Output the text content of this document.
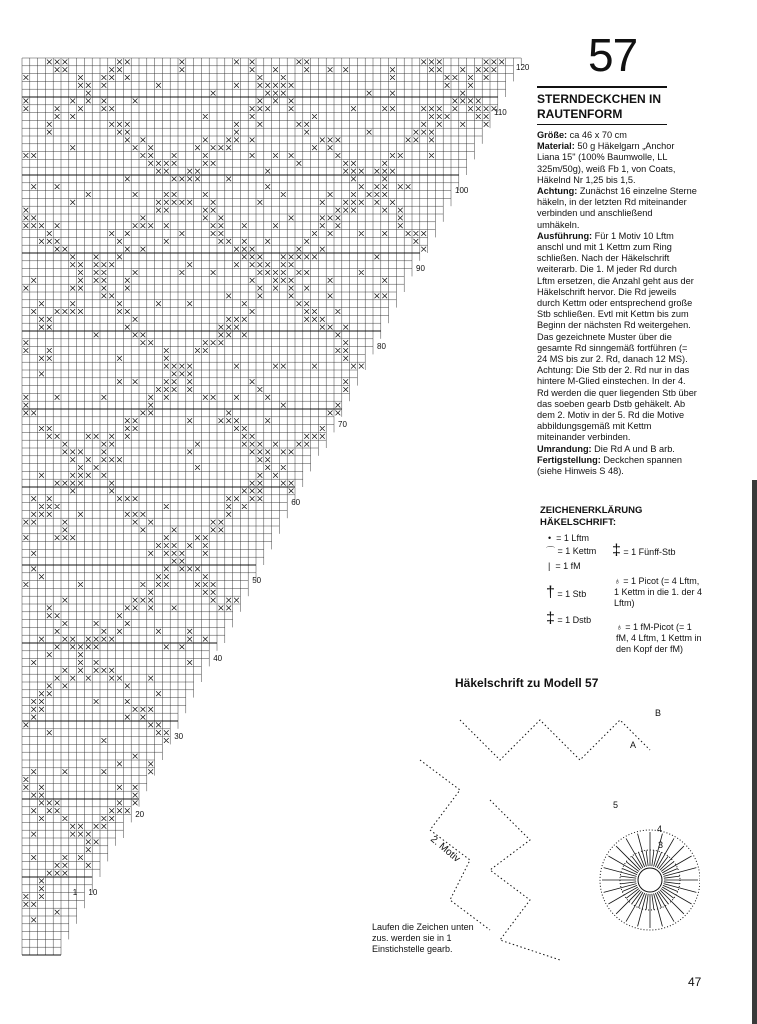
120
110
100
90
80
70
60
50
40
30
20
10
1
57
STERNDECKCHEN IN RAUTENFORM

Größe: ca 46 x 70 cm

Material: 50 g Häkelgarn „Anchor Liana 15" (100% Baumwolle, LL 325m/50g), weiß Fb 1, von Coats, Häkelnd Nr 1,25 bis 1,5.

Achtung: Zunächst 16 einzelne Sterne häkeln, in der letzten Rd miteinander verbinden und anschließend umhäkeln.

Ausführung: Für 1 Motiv 10 Lftm anschl und mit 1 Kettm zum Ring schließen. Nach der Häkelschrift weiterarb. Die 1. M jeder Rd durch Lftm ersetzen, die Anzahl geht aus der Häkelschrift hervor. Die Rd jeweils durch Kettm oder entsprechend große Stb schließen. Evtl mit Kettm bis zum Beginn der nächsten Rd weitergehen. Das gezeichnete Muster über die gesamte Rd sinngemäß fortführen (= 24 MS bis zur 2. Rd, danach 12 MS). Achtung: Die Stb der 2. Rd nur in das hintere M-Glied einstechen. In der 4. Rd werden die quer liegenden Stb über das soeben gearb Dstb gehäkelt. Ab dem 2. Motiv in der 5. Rd die Motive abbildungsgemäß mit Kettm miteinander verbinden.

Umrandung: Die Rd A und B arb.

Fertigstellung: Deckchen spannen (siehe Hinweis S 48).

ZEICHENERKLÄRUNG HÄKELSCHRIFT:
• = 1 Lftm
⌒ = 1 Kettm
| = 1 fM
† = 1 Stb
‡ = 1 Dstb
‡ = 1 Fünff-Stb
♁ = 1 Picot (= 4 Lftm, 1 Kettm in die 1. der 4 Lftm)
♁ = 1 fM-Picot (= 1 fM, 4 Lftm, 1 Kettm in den Kopf der fM)
Häkelschrift zu Modell 57
B
A
5
4
3
2. Motiv
Laufen die Zeichen unten zus. werden sie in 1 Einstichstelle gearb.
47
